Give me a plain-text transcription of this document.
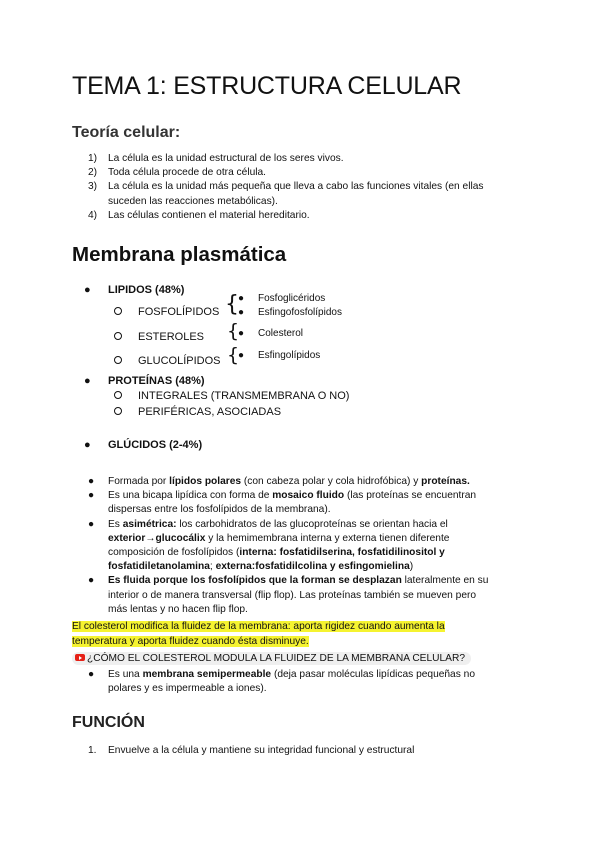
TEMA 1: ESTRUCTURA CELULAR
Teoría celular:
1) La célula es la unidad estructural de los seres vivos.
2) Toda célula procede de otra célula.
3) La célula es la unidad más pequeña que lleva a cabo las funciones vitales (en ellas
suceden las reacciones metabólicas).
4) Las células contienen el material hereditario.
Membrana plasmática
● LIPIDOS (48%)
FOSFOLÍPIDOS { ● Fosfoglicéridos
● Esfingofosfolípidos
ESTEROLES {
● Colesterol
GLUCOLÍPIDOS {
● Esfingolípidos
● PROTEÍNAS (48%)
INTEGRALES (TRANSMEMBRANA O NO)
PERIFÉRICAS, ASOCIADAS
● GLÚCIDOS (2-4%)
● Formada por lípidos polares (con cabeza polar y cola hidrofóbica) y proteínas.
● Es una bicapa lipídica con forma de mosaico fluido (las proteínas se encuentran
dispersas entre los fosfolípidos de la membrana).
● Es asimétrica: los carbohidratos de las glucoproteínas se orientan hacia el
exterior→glucocálix y la hemimembrana interna y externa tienen diferente
composición de fosfolípidos (interna: fosfatidilserina, fosfatidilinositol y
fosfatidiletanolamina; externa:fosfatidilcolina y esfingomielina)
● Es fluida porque los fosfolípidos que la forman se desplazan lateralmente en su
interior o de manera transversal (flip flop). Las proteínas también se mueven pero
más lentas y no hacen flip flop.
El colesterol modifica la fluidez de la membrana: aporta rigidez cuando aumenta la
temperatura y aporta fluidez cuando ésta disminuye.
¿CÓMO EL COLESTEROL MODULA LA FLUIDEZ DE LA MEMBRANA CELULAR?
● Es una membrana semipermeable (deja pasar moléculas lipídicas pequeñas no
polares y es impermeable a iones).
FUNCIÓN
1. Envuelve a la célula y mantiene su integridad funcional y estructural
